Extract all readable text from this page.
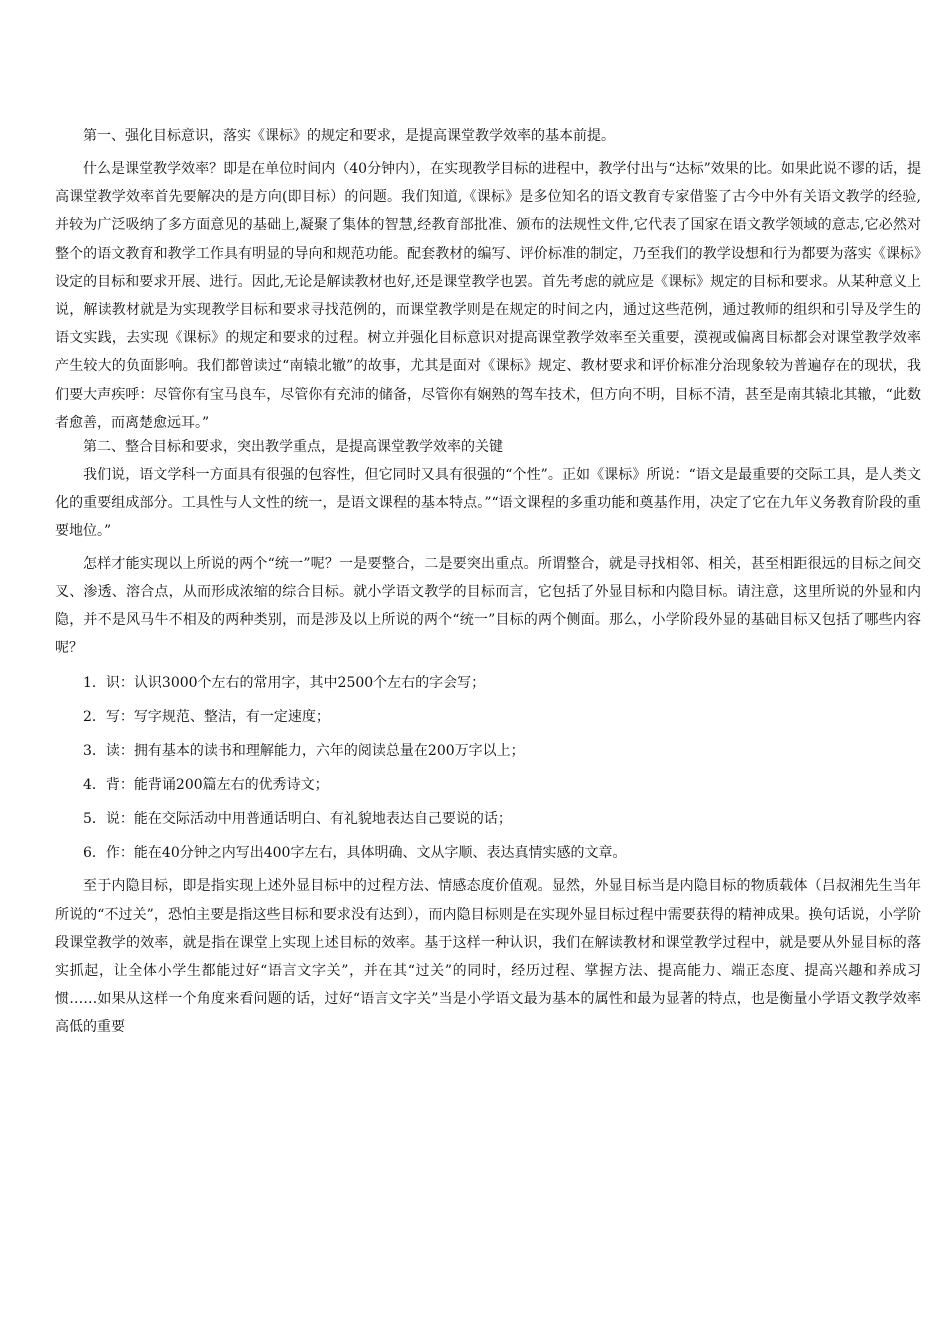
第一、强化目标意识，落实《课标》的规定和要求，是提高课堂教学效率的基本前提。

什么是课堂教学效率？即是在单位时间内（40分钟内），在实现教学目标的进程中，教学付出与“达标”效果的比。如果此说不谬的话，提高课堂教学效率首先要解决的是方向(即目标）的问题。我们知道,《课标》是多位知名的语文教育专家借鉴了古今中外有关语文教学的经验,并较为广泛吸纳了多方面意见的基础上,凝聚了集体的智慧,经教育部批准、颁布的法规性文件,它代表了国家在语文教学领域的意志,它必然对整个的语文教育和教学工作具有明显的导向和规范功能。配套教材的编写、评价标准的制定，乃至我们的教学设想和行为都要为落实《课标》设定的目标和要求开展、进行。因此,无论是解读教材也好,还是课堂教学也罢。首先考虑的就应是《课标》规定的目标和要求。从某种意义上说，解读教材就是为实现教学目标和要求寻找范例的，而课堂教学则是在规定的时间之内，通过这些范例，通过教师的组织和引导及学生的语文实践，去实现《课标》的规定和要求的过程。树立并强化目标意识对提高课堂教学效率至关重要，漠视或偏离目标都会对课堂教学效率产生较大的负面影响。我们都曾读过“南辕北辙”的故事，尤其是面对《课标》规定、教材要求和评价标准分治现象较为普遍存在的现状，我们要大声疾呼：尽管你有宝马良车，尽管你有充沛的储备，尽管你有娴熟的驾车技术，但方向不明，目标不清，甚至是南其辕北其辙，“此数者愈善，而离楚愈远耳。”

第二、整合目标和要求，突出教学重点，是提高课堂教学效率的关键

我们说，语文学科一方面具有很强的包容性，但它同时又具有很强的“个性”。正如《课标》所说：“语文是最重要的交际工具，是人类文化的重要组成部分。工具性与人文性的统一，是语文课程的基本特点。”“语文课程的多重功能和奠基作用，决定了它在九年义务教育阶段的重要地位。”

怎样才能实现以上所说的两个“统一”呢？一是要整合，二是要突出重点。所谓整合，就是寻找相邻、相关，甚至相距很远的目标之间交叉、渗透、溶合点，从而形成浓缩的综合目标。就小学语文教学的目标而言，它包括了外显目标和内隐目标。请注意，这里所说的外显和内隐，并不是风马牛不相及的两种类别，而是涉及以上所说的两个“统一”目标的两个侧面。那么，小学阶段外显的基础目标又包括了哪些内容呢？

1．识：认识3000个左右的常用字，其中2500个左右的字会写；

2．写：写字规范、整洁，有一定速度；

3．读：拥有基本的读书和理解能力，六年的阅读总量在200万字以上；

4．背：能背诵200篇左右的优秀诗文；

5．说：能在交际活动中用普通话明白、有礼貌地表达自己要说的话；

6．作：能在40分钟之内写出400字左右，具体明确、文从字顺、表达真情实感的文章。

至于内隐目标，即是指实现上述外显目标中的过程方法、情感态度价值观。显然，外显目标当是内隐目标的物质载体（吕叔湘先生当年所说的“不过关”，恐怕主要是指这些目标和要求没有达到），而内隐目标则是在实现外显目标过程中需要获得的精神成果。换句话说，小学阶段课堂教学的效率，就是指在课堂上实现上述目标的效率。基于这样一种认识，我们在解读教材和课堂教学过程中，就是要从外显目标的落实抓起，让全体小学生都能过好“语言文字关”，并在其“过关”的同时，经历过程、掌握方法、提高能力、端正态度、提高兴趣和养成习惯……如果从这样一个角度来看问题的话，过好“语言文字关”当是小学语文最为基本的属性和最为显著的特点，也是衡量小学语文教学效率高低的重要
